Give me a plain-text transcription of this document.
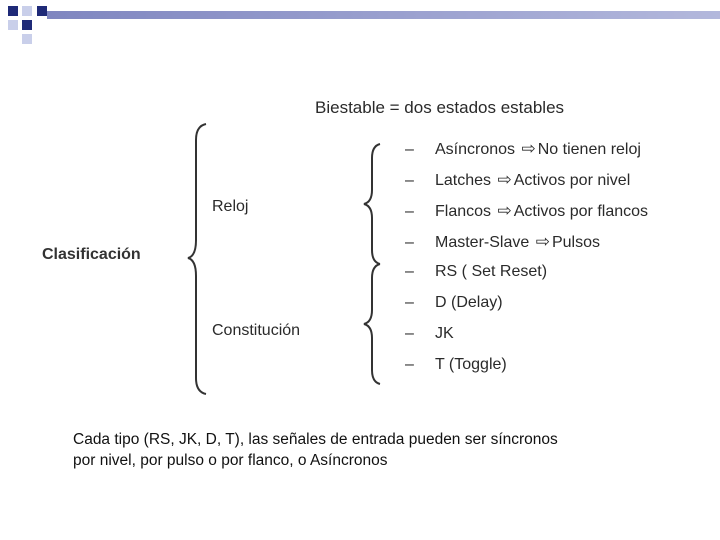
Biestable = dos estados estables
Clasificación
Reloj
Constitución
– Asíncronos ⇨ No tienen reloj
– Latches ⇨ Activos por nivel
– Flancos ⇨ Activos por flancos
– Master-Slave ⇨ Pulsos
– RS ( Set Reset)
– D (Delay)
– JK
– T (Toggle)
Cada tipo (RS, JK, D, T), las señales de entrada pueden ser síncronos
por nivel, por pulso o por flanco, o Asíncronos
